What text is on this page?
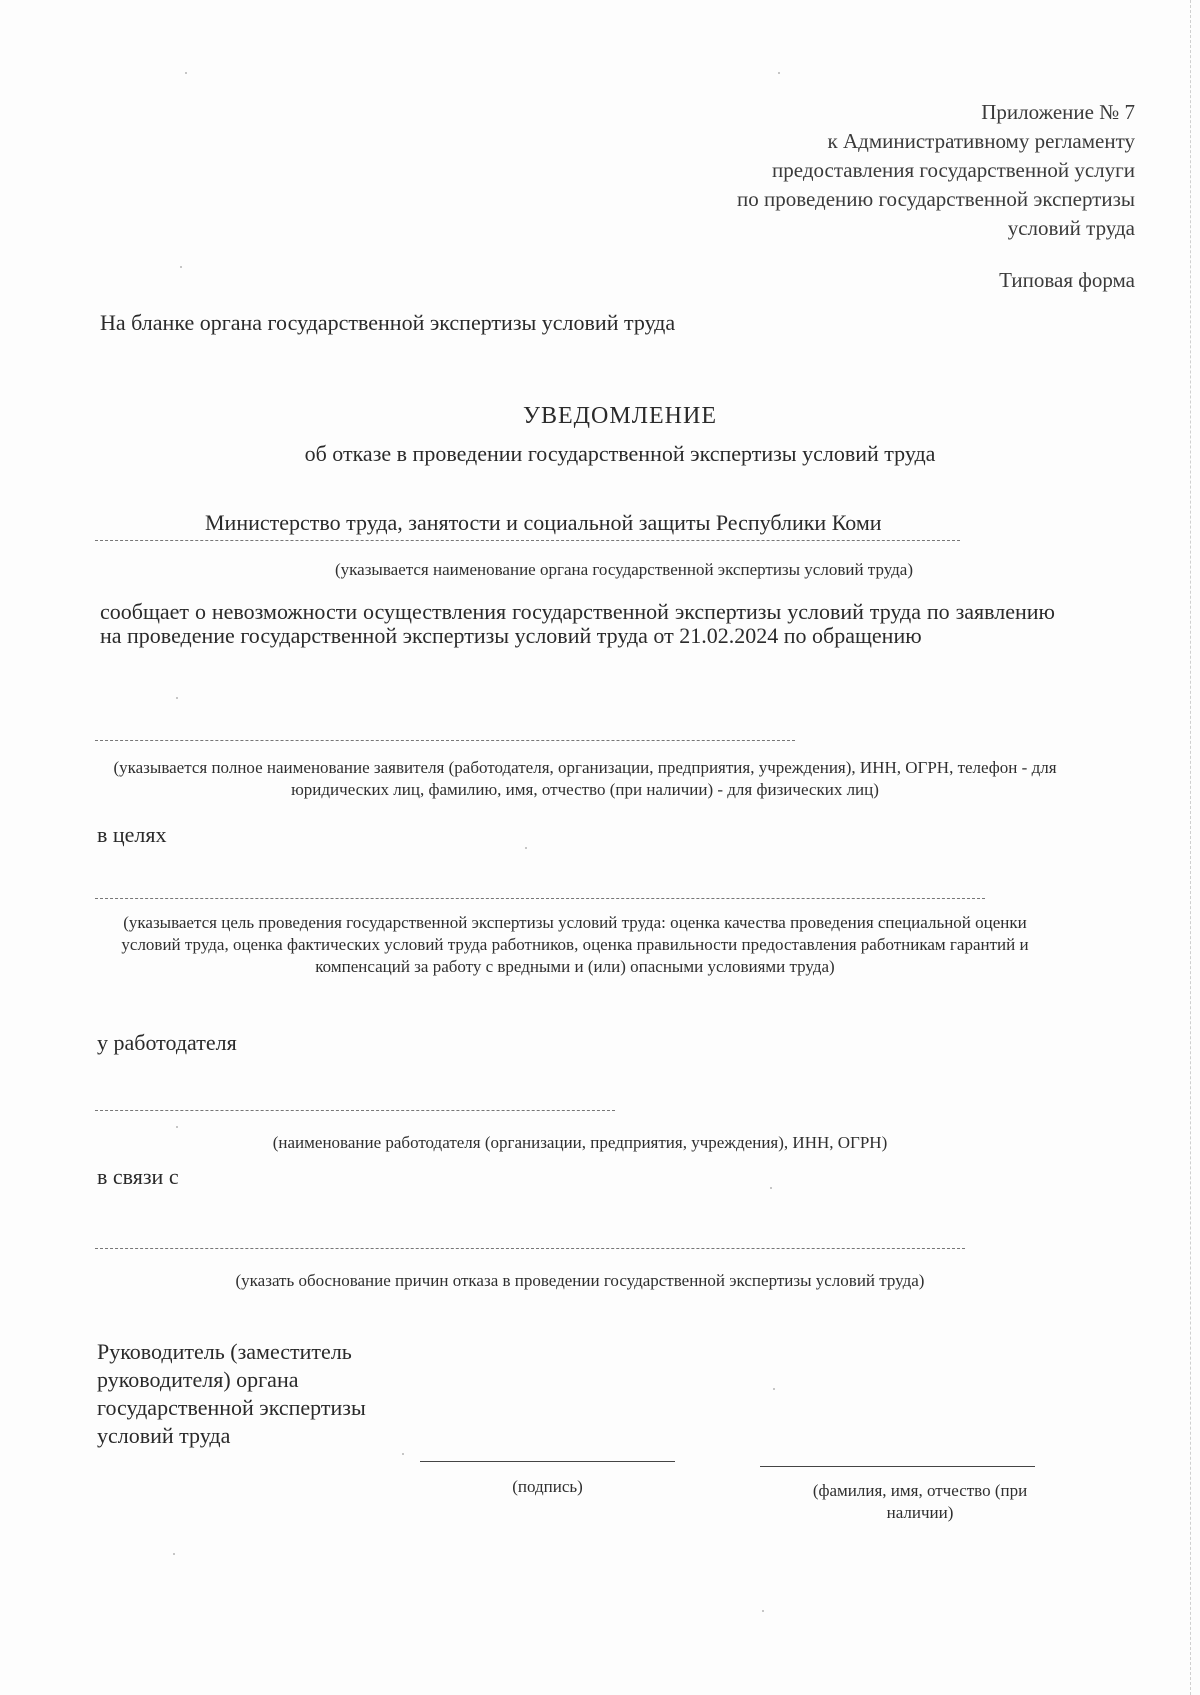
Приложение № 7
к Административному регламенту
предоставления государственной услуги
по проведению государственной экспертизы
условий труда
Типовая форма
На бланке органа государственной экспертизы условий труда
УВЕДОМЛЕНИЕ
об отказе в проведении государственной экспертизы условий труда
Министерство труда, занятости и социальной защиты Республики Коми
(указывается наименование органа государственной экспертизы условий труда)
сообщает о невозможности осуществления государственной экспертизы условий труда по заявлению на проведение государственной экспертизы условий труда от 21.02.2024 по обращению
(указывается полное наименование заявителя (работодателя, организации, предприятия, учреждения), ИНН, ОГРН, телефон - для юридических лиц, фамилию, имя, отчество (при наличии) - для физических лиц)
в целях
(указывается цель проведения государственной экспертизы условий труда: оценка качества проведения специальной оценки условий труда, оценка фактических условий труда работников, оценка правильности предоставления работникам гарантий и компенсаций за работу с вредными и (или) опасными условиями труда)
у работодателя
(наименование работодателя (организации, предприятия, учреждения), ИНН, ОГРН)
в связи с
(указать обоснование причин отказа в проведении государственной экспертизы условий труда)
Руководитель (заместитель
руководителя) органа
государственной экспертизы
условий труда
(подпись)	(фамилия, имя, отчество (при наличии)
